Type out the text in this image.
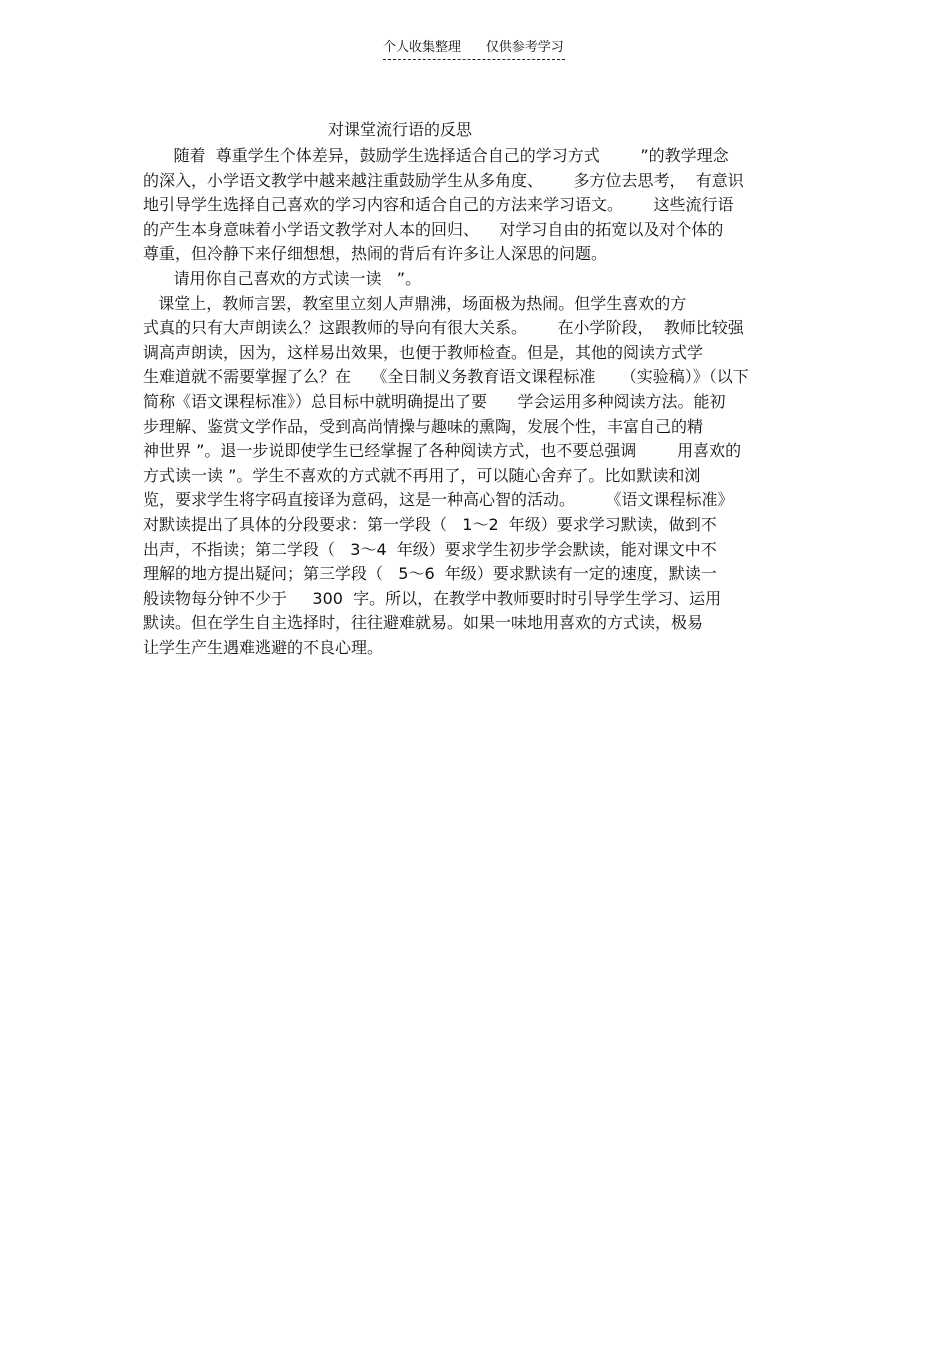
个人收集整理      仅供参考学习
对课堂流行语的反思
随着  尊重学生个体差异，鼓励学生选择适合自己的学习方式        ”的教学理念
的深入，小学语文教学中越来越注重鼓励学生从多角度、      多方位去思考，  有意识
地引导学生选择自己喜欢的学习内容和适合自己的方法来学习语文。      这些流行语
的产生本身意味着小学语文教学对人本的回归、    对学习自由的拓宽以及对个体的
尊重，但冷静下来仔细想想，热闹的背后有许多让人深思的问题。
请用你自己喜欢的方式读一读   ”。
课堂上，教师言罢，教室里立刻人声鼎沸，场面极为热闹。但学生喜欢的方
式真的只有大声朗读么？这跟教师的导向有很大关系。      在小学阶段，  教师比较强
调高声朗读，因为，这样易出效果，也便于教师检查。但是，其他的阅读方式学
生难道就不需要掌握了么？在    《全日制义务教育语文课程标准     （实验稿）》（以下
简称《语文课程标准》）总目标中就明确提出了要      学会运用多种阅读方法。能初
步理解、鉴赏文学作品，受到高尚情操与趣味的熏陶，发展个性，丰富自己的精
神世界 ”。退一步说即使学生已经掌握了各种阅读方式，也不要总强调        用喜欢的
方式读一读 ”。学生不喜欢的方式就不再用了，可以随心舍弃了。比如默读和浏
览，要求学生将字码直接译为意码，这是一种高心智的活动。      《语文课程标准》
对默读提出了具体的分段要求：第一学段（   1～2  年级）要求学习默读，做到不
出声，不指读；第二学段（   3～4  年级）要求学生初步学会默读，能对课文中不
理解的地方提出疑问；第三学段（   5～6  年级）要求默读有一定的速度，默读一
般读物每分钟不少于     300  字。所以，在教学中教师要时时引导学生学习、运用
默读。但在学生自主选择时，往往避难就易。如果一味地用喜欢的方式读，极易
让学生产生遇难逃避的不良心理。
